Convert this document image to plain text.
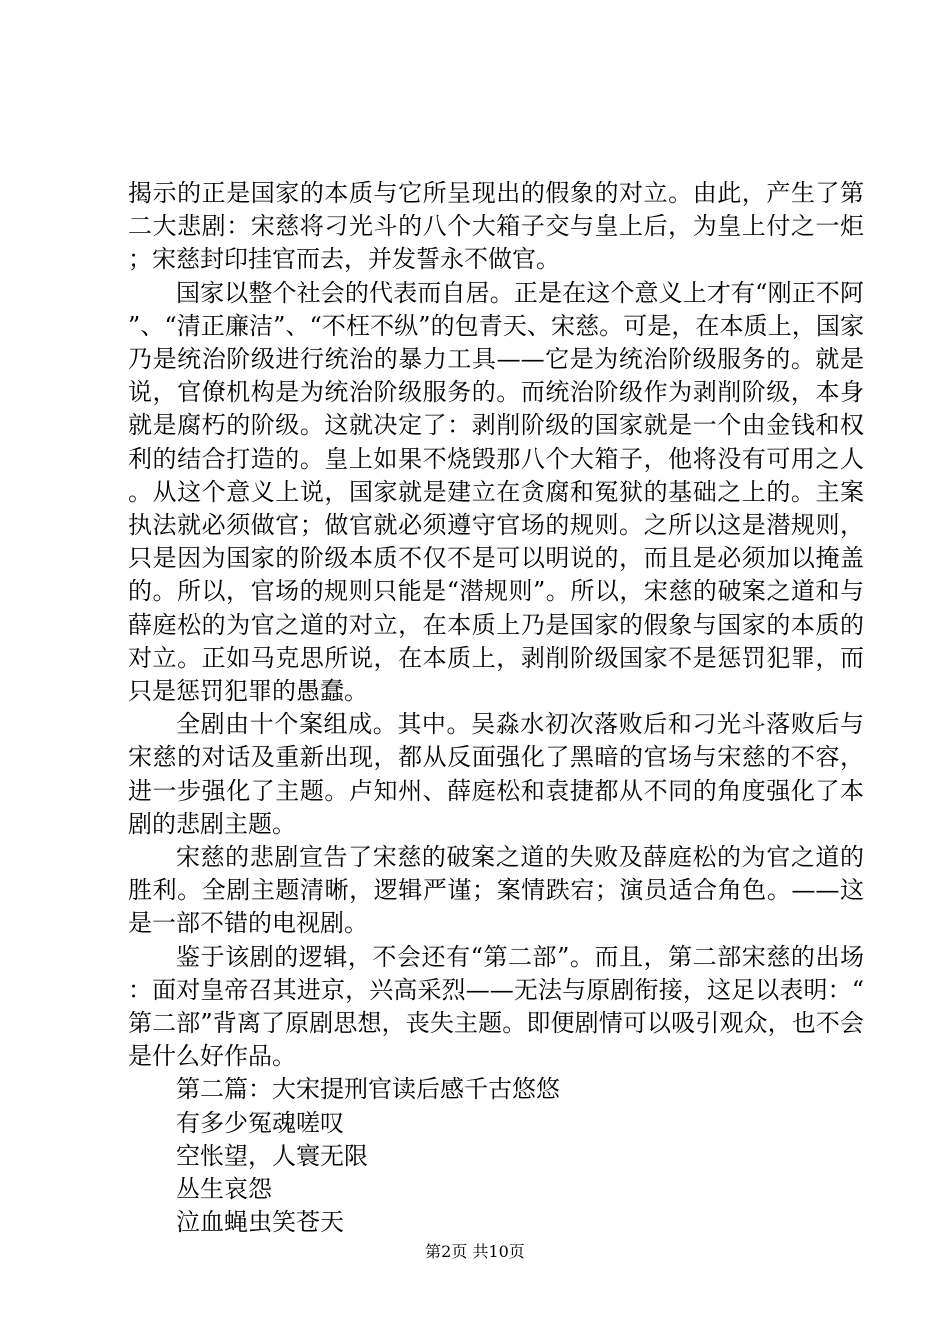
揭示的正是国家的本质与它所呈现出的假象的对立。由此，产生了第二大悲剧：宋慈将刁光斗的八个大箱子交与皇上后，为皇上付之一炬；宋慈封印挂官而去，并发誓永不做官。

国家以整个社会的代表而自居。正是在这个意义上才有“刚正不阿”、“清正廉洁”、“不枉不纵”的包青天、宋慈。可是，在本质上，国家乃是统治阶级进行统治的暴力工具——它是为统治阶级服务的。就是说，官僚机构是为统治阶级服务的。而统治阶级作为剥削阶级，本身就是腐朽的阶级。这就决定了：剥削阶级的国家就是一个由金钱和权利的结合打造的。皇上如果不烧毁那八个大箱子，他将没有可用之人。从这个意义上说，国家就是建立在贪腐和冤狱的基础之上的。主案执法就必须做官；做官就必须遵守官场的规则。之所以这是潜规则，只是因为国家的阶级本质不仅不是可以明说的，而且是必须加以掩盖的。所以，官场的规则只能是“潜规则”。所以，宋慈的破案之道和与薛庭松的为官之道的对立，在本质上乃是国家的假象与国家的本质的对立。正如马克思所说，在本质上，剥削阶级国家不是惩罚犯罪，而只是惩罚犯罪的愚蠢。

全剧由十个案组成。其中。吴淼水初次落败后和刁光斗落败后与宋慈的对话及重新出现，都从反面强化了黑暗的官场与宋慈的不容，进一步强化了主题。卢知州、薛庭松和袁捷都从不同的角度强化了本剧的悲剧主题。

宋慈的悲剧宣告了宋慈的破案之道的失败及薛庭松的为官之道的胜利。全剧主题清晰，逻辑严谨；案情跌宕；演员适合角色。——这是一部不错的电视剧。

鉴于该剧的逻辑，不会还有“第二部”。而且，第二部宋慈的出场：面对皇帝召其进京，兴高采烈——无法与原剧衔接，这足以表明：“第二部”背离了原剧思想，丧失主题。即便剧情可以吸引观众，也不会是什么好作品。

第二篇：大宋提刑官读后感千古悠悠

有多少冤魂嗟叹

空怅望，人寰无限

丛生哀怨

泣血蝇虫笑苍天

第2页 共10页
